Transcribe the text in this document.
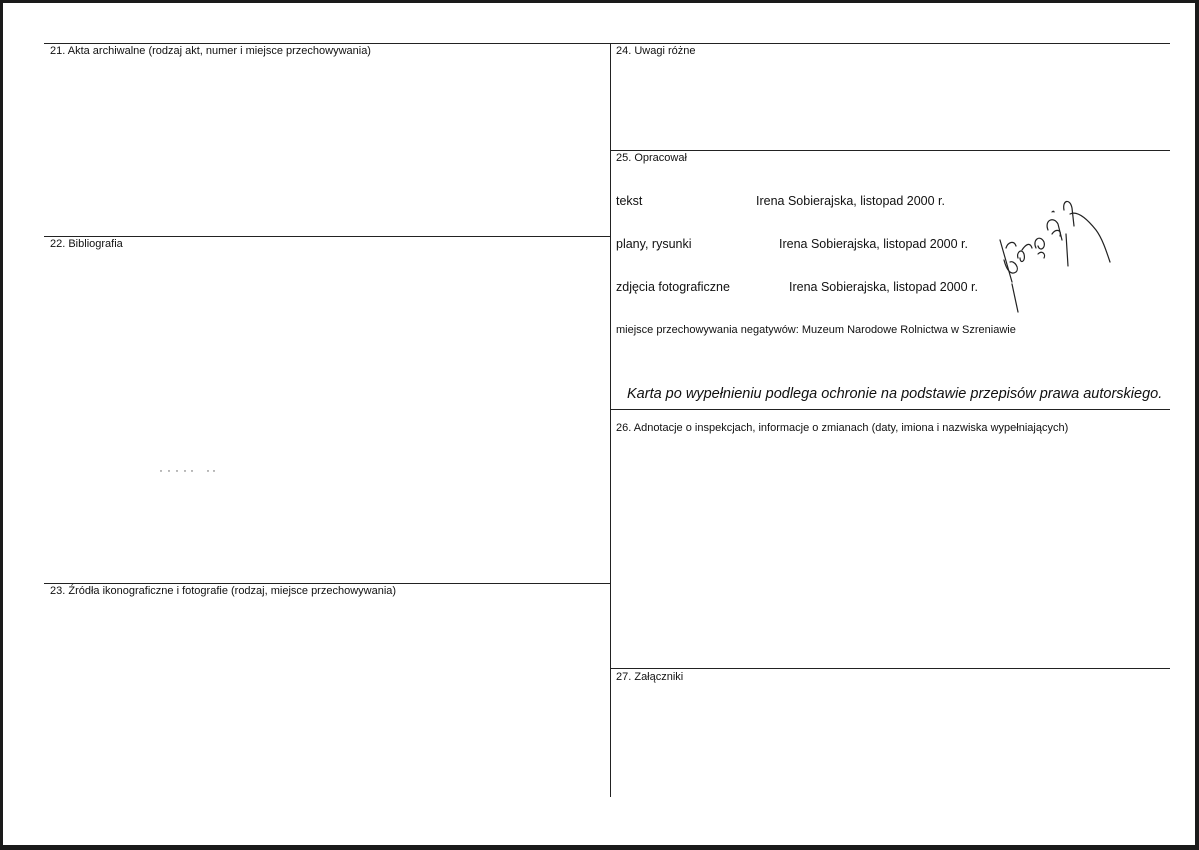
21. Akta archiwalne (rodzaj akt, numer i miejsce przechowywania)
22. Bibliografia
23. Źródła ikonograficzne i fotografie (rodzaj, miejsce przechowywania)
24. Uwagi różne
25. Opracował
tekst	Irena Sobierajska, listopad 2000 r.
plany, rysunki	Irena Sobierajska, listopad 2000 r.
zdjęcia fotograficzne	Irena Sobierajska, listopad 2000 r.
miejsce przechowywania negatywów: Muzeum Narodowe Rolnictwa w Szreniawie
Karta po wypełnieniu podlega ochronie na podstawie przepisów prawa autorskiego.
26. Adnotacje o inspekcjach, informacje o zmianach (daty, imiona i nazwiska wypełniających)
27. Załączniki
